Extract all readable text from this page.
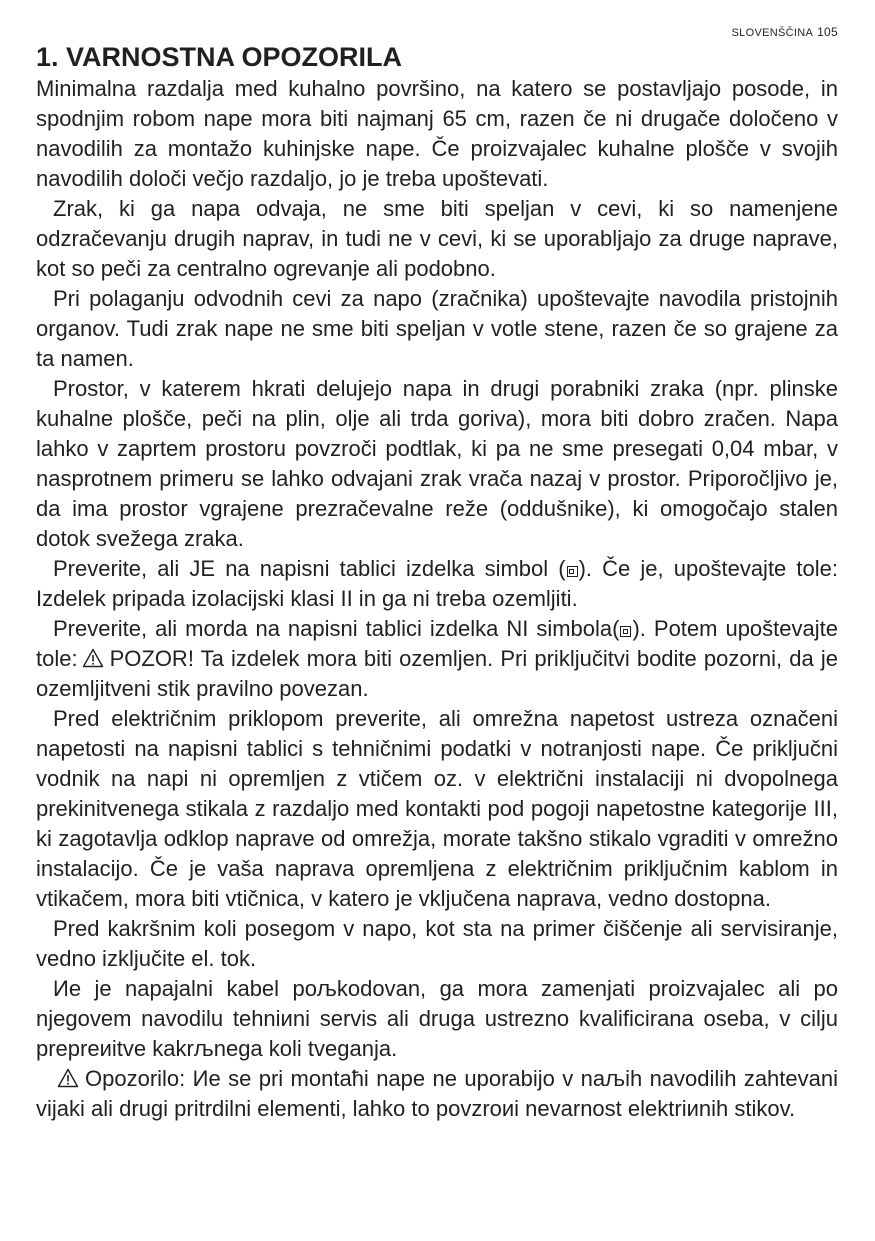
SLOVENŠČINA 105
1. VARNOSTNA OPOZORILA

Minimalna razdalja med kuhalno površino, na katero se postavljajo posode, in spodnjim robom nape mora biti najmanj 65 cm, razen če ni drugače določeno v navodilih za montažo kuhinjske nape. Če proizvajalec kuhalne plošče v svojih navodilih določi večjo razdaljo, jo je treba upoštevati.

Zrak, ki ga napa odvaja, ne sme biti speljan v cevi, ki so namenjene odzračevanju drugih naprav, in tudi ne v cevi, ki se uporabljajo za druge naprave, kot so peči za centralno ogrevanje ali podobno.

Pri polaganju odvodnih cevi za napo (zračnika) upoštevajte navodila pristojnih organov. Tudi zrak nape ne sme biti speljan v votle stene, razen če so grajene za ta namen.

Prostor, v katerem hkrati delujejo napa in drugi porabniki zraka (npr. plinske kuhalne plošče, peči na plin, olje ali trda goriva), mora biti dobro zračen. Napa lahko v zaprtem prostoru povzroči podtlak, ki pa ne sme presegati 0,04 mbar, v nasprotnem primeru se lahko odvajani zrak vrača nazaj v prostor. Priporočljivo je, da ima prostor vgrajene prezračevalne reže (oddušnike), ki omogočajo stalen dotok svežega zraka.

Preverite, ali JE na napisni tablici izdelka simbol ( ). Če je, upoštevajte tole: Izdelek pripada izolacijski klasi II in ga ni treba ozemljiti.

Preverite, ali morda na napisni tablici izdelka NI simbola( ). Potem upoštevajte tole: POZOR! Ta izdelek mora biti ozemljen. Pri priključitvi bodite pozorni, da je ozemljitveni stik pravilno povezan.

Pred električnim priklopom preverite, ali omrežna napetost ustreza označeni napetosti na napisni tablici s tehničnimi podatki v notranjosti nape. Če priključni vodnik na napi ni opremljen z vtičem oz. v električni instalaciji ni dvopolnega prekinitvenega stikala z razdaljo med kontakti pod pogoji napetostne kategorije III, ki zagotavlja odklop naprave od omrežja, morate takšno stikalo vgraditi v omrežno instalacijo. Če je vaša naprava opremljena z električnim priključnim kablom in vtikačem, mora biti vtičnica, v katero je vključena naprava, vedno dostopna.

Pred kakršnim koli posegom v napo, kot sta na primer čiščenje ali servisiranje, vedno izključite el. tok.

Иe je napajalni kabel poљkodovan, ga mora zamenjati proizvajalec ali po njegovem navodilu tehniиni servis ali druga ustrezno kvalificirana oseba, v cilju prepreиitve kakrљnega koli tveganja.

Opozorilo: Иe se pri montaћi nape ne uporabijo v naљih navodilih zahtevani vijaki ali drugi pritrdilni elementi, lahko to povzroиi nevarnost elektriиnih stikov.
